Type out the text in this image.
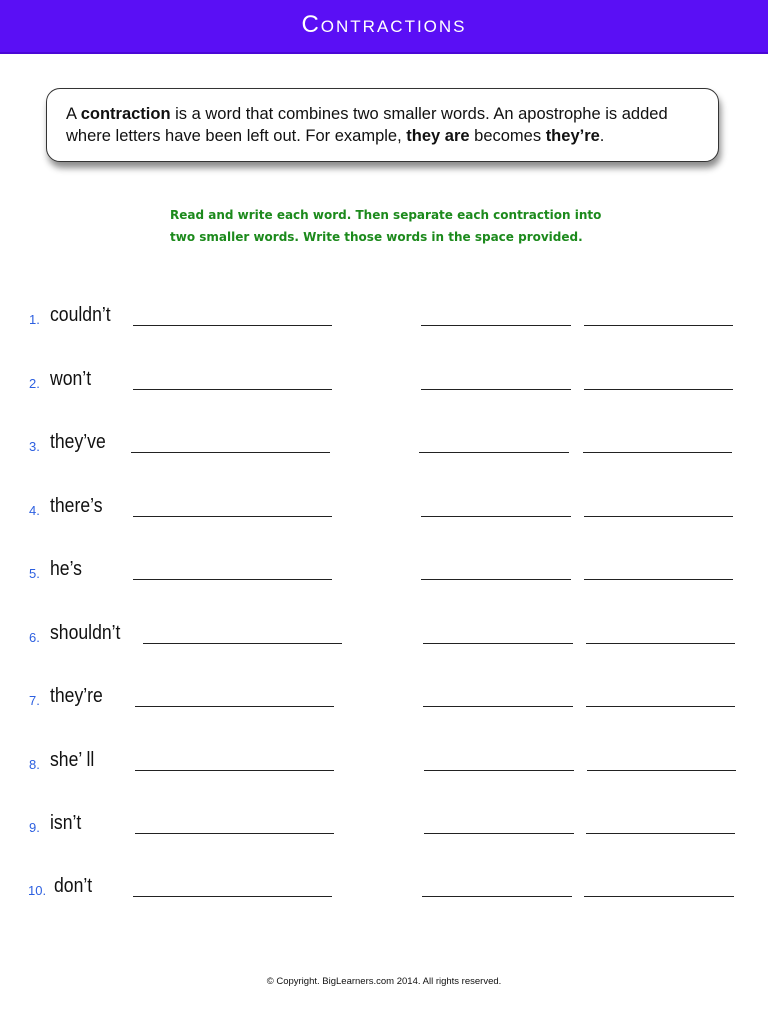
Contractions
A contraction is a word that combines two smaller words. An apostrophe is added where letters have been left out. For example, they are becomes they’re.
Read and write each word. Then separate each contraction into
two smaller words. Write those words in the space provided.
1. couldn’t
2. won’t
3. they’ve
4. there’s
5. he’s
6. shouldn’t
7. they’re
8. she’ ll
9. isn’t
10. don’t
© Copyright. BigLearners.com 2014. All rights reserved.
